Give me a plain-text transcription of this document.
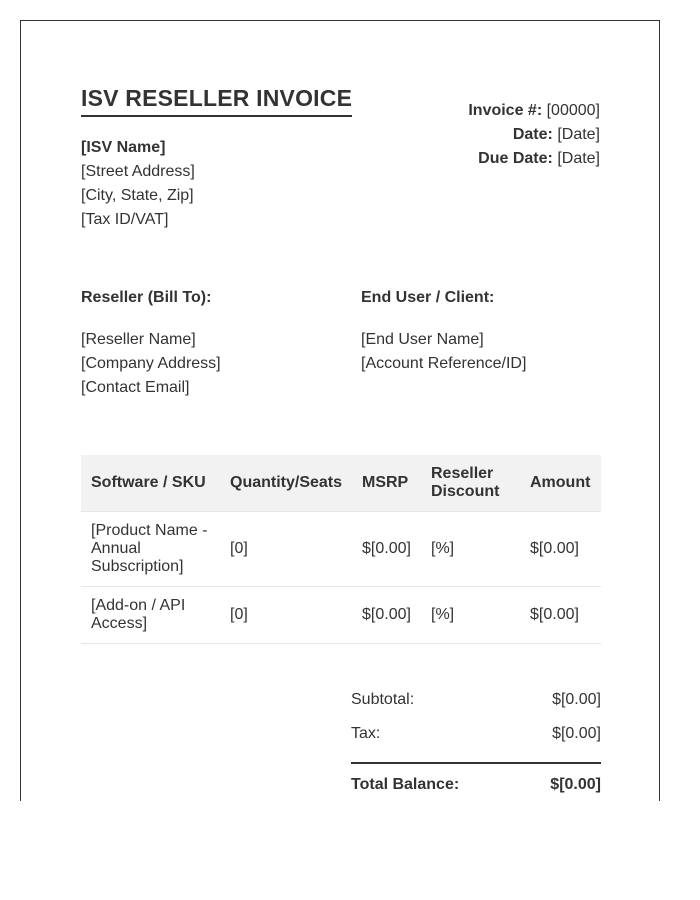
ISV RESELLER INVOICE	Invoice #: [00000]
Date: [Date]
Due Date: [Date]
[ISV Name]
[Street Address]
[City, State, Zip]
[Tax ID/VAT]
Reseller (Bill To):
[Reseller Name]
[Company Address]
[Contact Email]
End User / Client:
[End User Name]
[Account Reference/ID]
Software / SKU	Quantity/Seats	MSRP	Reseller Discount	Amount
[Product Name - Annual Subscription]	[0]	$[0.00]	[%]	$[0.00]
[Add-on / API Access]	[0]	$[0.00]	[%]	$[0.00]
Subtotal:	$[0.00]
Tax:	$[0.00]
Total Balance:	$[0.00]
